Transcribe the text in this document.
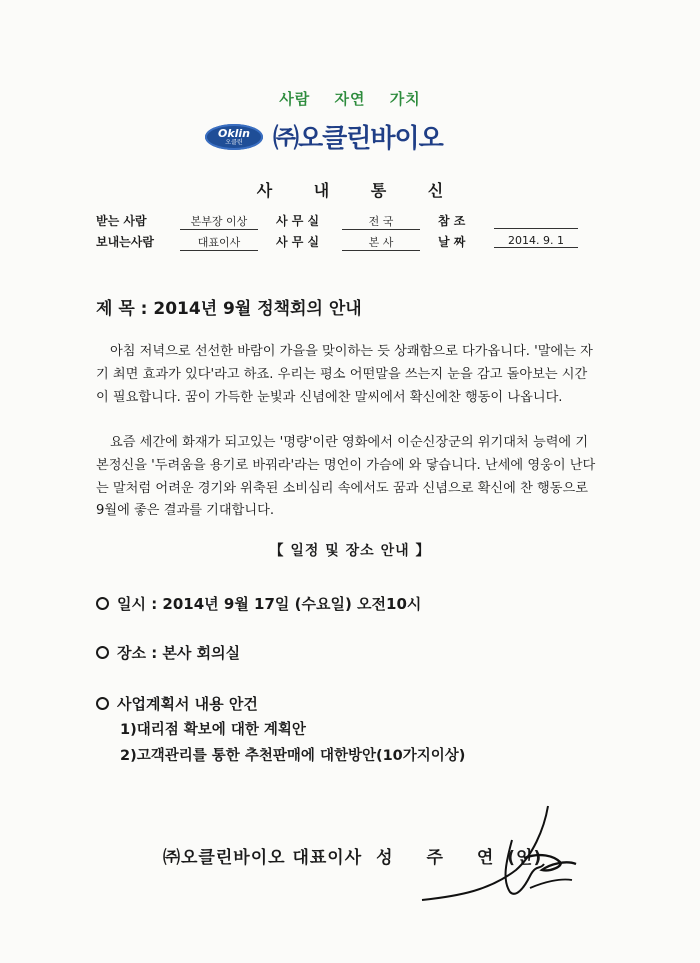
사람 자연 가치
Oklin
오클린 ㈜오클린바이오
사 내 통 신
받는 사람	본부장 이상	사 무 실	전 국	참 조
보내는사람	대표이사	사 무 실	본 사	날 짜	2014. 9. 1
제 목 : 2014년 9월 정책회의 안내
아침 저녁으로 선선한 바람이 가을을 맞이하는 듯 상쾌함으로 다가옵니다. '말에는 자기 최면 효과가 있다'라고 하죠. 우리는 평소 어떤말을 쓰는지 눈을 감고 돌아보는 시간이 필요합니다. 꿈이 가득한 눈빛과 신념에찬 말씨에서 확신에찬 행동이 나옵니다.
요즘 세간에 화재가 되고있는 '명량'이란 영화에서 이순신장군의 위기대처 능력에 기본정신을 '두려움을 용기로 바꿔라'라는 명언이 가슴에 와 닿습니다. 난세에 영웅이 난다는 말처럼 어려운 경기와 위축된 소비심리 속에서도 꿈과 신념으로 확신에 찬 행동으로 9월에 좋은 결과를 기대합니다.
【 일정 및 장소 안내 】
일시 : 2014년 9월 17일 (수요일) 오전10시
장소 : 본사 회의실
사업계획서 내용 안건
1)대리점 확보에 대한 계획안
2)고객관리를 통한 추천판매에 대한방안(10가지이상)
㈜오클린바이오 대표이사 성 주 연(인)
